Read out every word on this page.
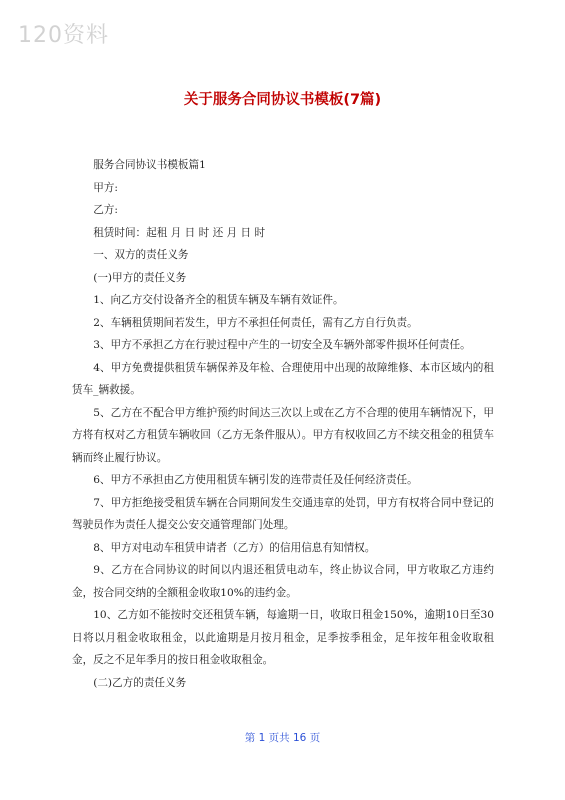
120资料
关于服务合同协议书模板(7篇)

服务合同协议书模板篇1

甲方:

乙方:

租赁时间：起租 月 日 时 还 月 日 时

一、双方的责任义务

(一)甲方的责任义务

1、向乙方交付设备齐全的租赁车辆及车辆有效证件。

2、车辆租赁期间若发生，甲方不承担任何责任，需有乙方自行负责。

3、甲方不承担乙方在行驶过程中产生的一切安全及车辆外部零件损坏任何责任。

4、甲方免费提供租赁车辆保养及年检、合理使用中出现的故障维修、本市区域内的租赁车_辆救援。

5、乙方在不配合甲方维护预约时间达三次以上或在乙方不合理的使用车辆情况下，甲方将有权对乙方租赁车辆收回（乙方无条件服从）。甲方有权收回乙方不续交租金的租赁车辆而终止履行协议。

6、甲方不承担由乙方使用租赁车辆引发的连带责任及任何经济责任。

7、甲方拒绝接受租赁车辆在合同期间发生交通违章的处罚，甲方有权将合同中登记的驾驶员作为责任人提交公安交通管理部门处理。

8、甲方对电动车租赁申请者（乙方）的信用信息有知情权。

9、乙方在合同协议的时间以内退还租赁电动车，终止协议合同，甲方收取乙方违约金，按合同交纳的全额租金收取10%的违约金。

10、乙方如不能按时交还租赁车辆，每逾期一日，收取日租金150%，逾期10日至30日将以月租金收取租金，以此逾期是月按月租金，足季按季租金，足年按年租金收取租金，反之不足年季月的按日租金收取租金。

(二)乙方的责任义务

第 1 页共 16 页
